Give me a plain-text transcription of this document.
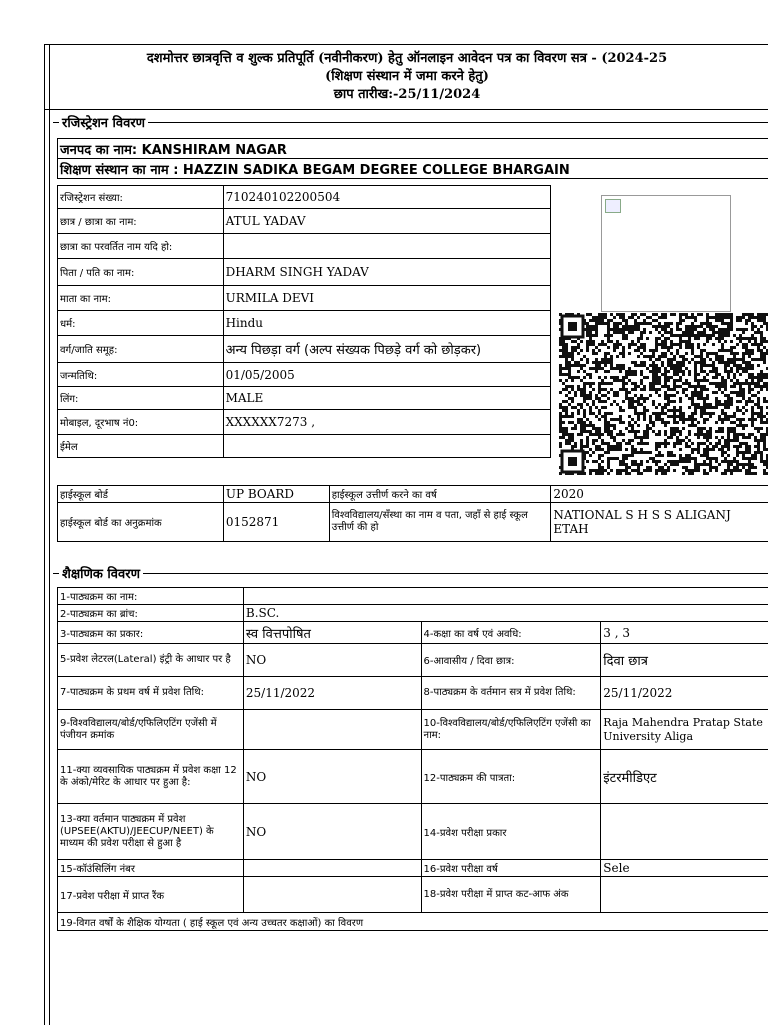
दशमोत्तर छात्रवृत्ति व शुल्क प्रतिपूर्ति (नवीनीकरण) हेतु ऑनलाइन आवेदन पत्र का विवरण सत्र - (2024-25
(शिक्षण संस्थान में जमा करने हेतु)
छाप तारीख:-25/11/2024
रजिस्ट्रेशन विवरण
जनपद का नाम: KANSHIRAM NAGAR
शिक्षण संस्थान का नाम : HAZZIN SADIKA BEGAM DEGREE COLLEGE BHARGAIN
रजिस्ट्रेशन संख्या:	710240102200504
छात्र / छात्रा का नाम:	ATUL YADAV
छात्रा का परवर्तित नाम यदि हो:	
पिता / पति का नाम:	DHARM SINGH YADAV
माता का नाम:	URMILA DEVI
धर्म:	Hindu
वर्ग/जाति समूह:	अन्य पिछड़ा वर्ग (अल्प संख्यक पिछड़े वर्ग को छोड़कर)
जन्मतिथि:	01/05/2005
लिंग:	MALE
मोबाइल, दूरभाष नं0:	XXXXXX7273 ,
ईमेल	
हाईस्कूल बोर्ड	UP BOARD	हाईस्कूल उत्तीर्ण करने का वर्ष	2020
हाईस्कूल बोर्ड का अनुक्रमांक	0152871	विश्वविद्यालय/सँस्था का नाम व पता, जहाँ से हाई स्कूल उत्तीर्ण की हो	NATIONAL S H S S ALIGANJ ETAH
शैक्षणिक विवरण
1-पाठ्यक्रम का नाम:			
2-पाठ्यक्रम का ब्रांच:	B.SC.		
3-पाठ्यक्रम का प्रकार:	स्व वित्तपोषित	4-कक्षा का वर्ष एवं अवधि:	3 , 3
5-प्रवेश लेटरल(Lateral) इंट्री के आधार पर है	NO	6-आवासीय / दिवा छात्र:	दिवा छात्र
7-पाठ्यक्रम के प्रथम वर्ष में प्रवेश तिथि:	25/11/2022	8-पाठ्यक्रम के वर्तमान सत्र में प्रवेश तिथि:	25/11/2022
9-विश्वविद्यालय/बोर्ड/एफिलिएटिंग एजेंसी में पंजीयन क्रमांक		10-विश्वविद्यालय/बोर्ड/एफिलिएटिंग एजेंसी का नाम:	Raja Mahendra Pratap State University Aliga
11-क्या व्यवसायिक पाठ्यक्रम में प्रवेश कक्षा 12 के अंको/मेरिट के आधार पर हुआ है:	NO	12-पाठ्यक्रम की पात्रता:	इंटरमीडिएट
13-क्या वर्तमान पाठ्यक्रम में प्रवेश (UPSEE(AKTU)/JEECUP/NEET) के माध्यम की प्रवेश परीक्षा से हुआ है	NO	14-प्रवेश परीक्षा प्रकार	
15-कॉउंसिलिंग नंबर		16-प्रवेश परीक्षा वर्ष	Sele
17-प्रवेश परीक्षा में प्राप्त रैंक		18-प्रवेश परीक्षा में प्राप्त कट-आफ अंक	
19-विगत वर्षों के शैक्षिक योग्यता ( हाई स्कूल एवं अन्य उच्चतर कक्षाओं) का विवरण			
